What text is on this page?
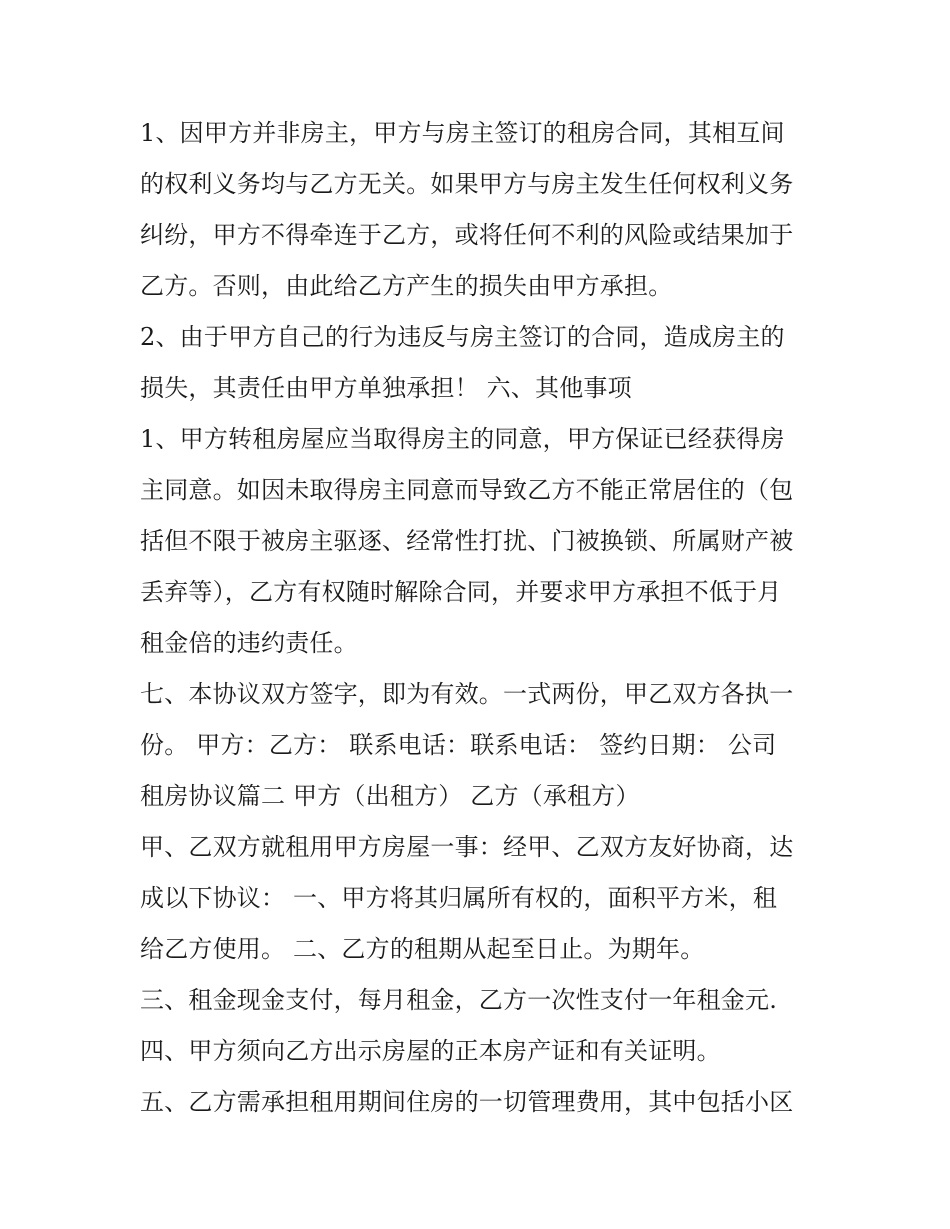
1、因甲方并非房主，甲方与房主签订的租房合同，其相互间
的权利义务均与乙方无关。如果甲方与房主发生任何权利义务
纠纷，甲方不得牵连于乙方，或将任何不利的风险或结果加于
乙方。否则，由此给乙方产生的损失由甲方承担。
2、由于甲方自己的行为违反与房主签订的合同，造成房主的
损失，其责任由甲方单独承担！ 六、其他事项
1、甲方转租房屋应当取得房主的同意，甲方保证已经获得房
主同意。如因未取得房主同意而导致乙方不能正常居住的（包
括但不限于被房主驱逐、经常性打扰、门被换锁、所属财产被
丢弃等），乙方有权随时解除合同，并要求甲方承担不低于月
租金倍的违约责任。
七、本协议双方签字，即为有效。一式两份，甲乙双方各执一
份。 甲方：乙方： 联系电话：联系电话： 签约日期： 公司
租房协议篇二 甲方（出租方） 乙方（承租方）
甲、乙双方就租用甲方房屋一事：经甲、乙双方友好协商，达
成以下协议： 一、甲方将其归属所有权的，面积平方米，租
给乙方使用。 二、乙方的租期从起至日止。为期年。
三、租金现金支付，每月租金，乙方一次性支付一年租金元.
四、甲方须向乙方出示房屋的正本房产证和有关证明。
五、乙方需承担租用期间住房的一切管理费用，其中包括小区
